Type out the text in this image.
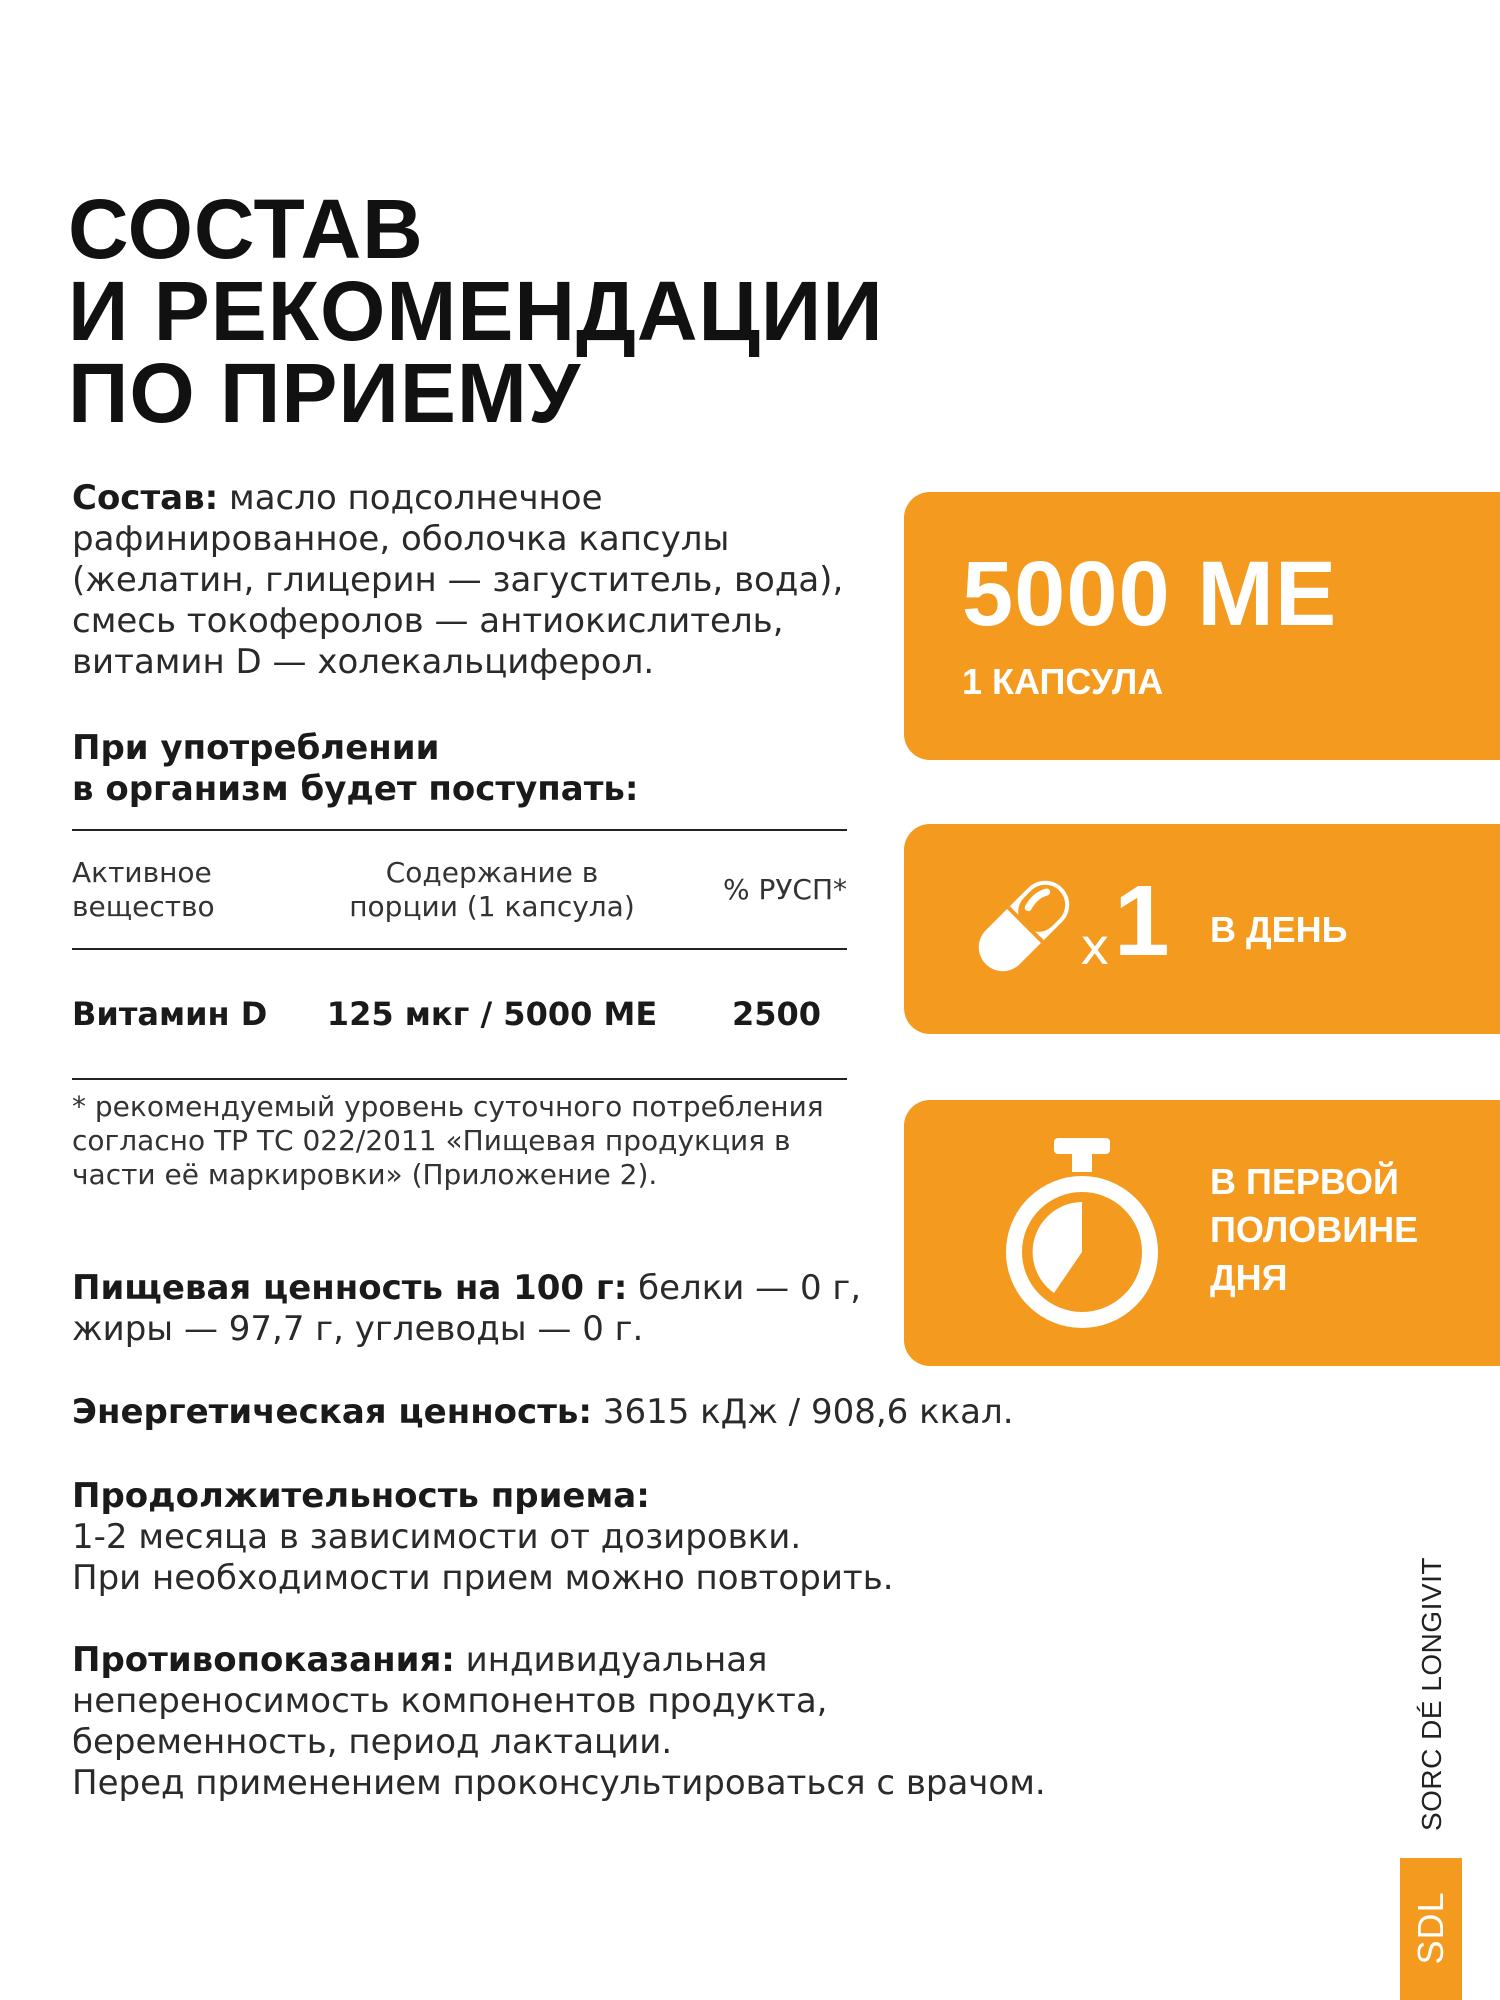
СОСТАВ
И РЕКОМЕНДАЦИИ
ПО ПРИЕМУ
Состав: масло подсолнечное рафинированное, оболочка капсулы (желатин, глицерин — загуститель, вода), смесь токоферолов — антиокислитель, витамин D — холекальциферол.
При употреблении
в организм будет поступать:
Активное вещество	Содержание в порции (1 капсула)	% РУСП*
Витамин D	125 мкг / 5000 МЕ	2500
* рекомендуемый уровень суточного потребления согласно ТР ТС 022/2011 «Пищевая продукция в части её маркировки» (Приложение 2).
Пищевая ценность на 100 г: белки — 0 г, жиры — 97,7 г, углеводы — 0 г.
Энергетическая ценность: 3615 кДж / 908,6 ккал.
Продолжительность приема:
1-2 месяца в зависимости от дозировки.
При необходимости прием можно повторить.
Противопоказания: индивидуальная
непереносимость компонентов продукта,
беременность, период лактации.
Перед применением проконсультироваться с врачом.
5000 МЕ
1 КАПСУЛА
х 1 В ДЕНЬ
В ПЕРВОЙ
ПОЛОВИНЕ
ДНЯ
SORC DÉ LONGIVIT
SDL
